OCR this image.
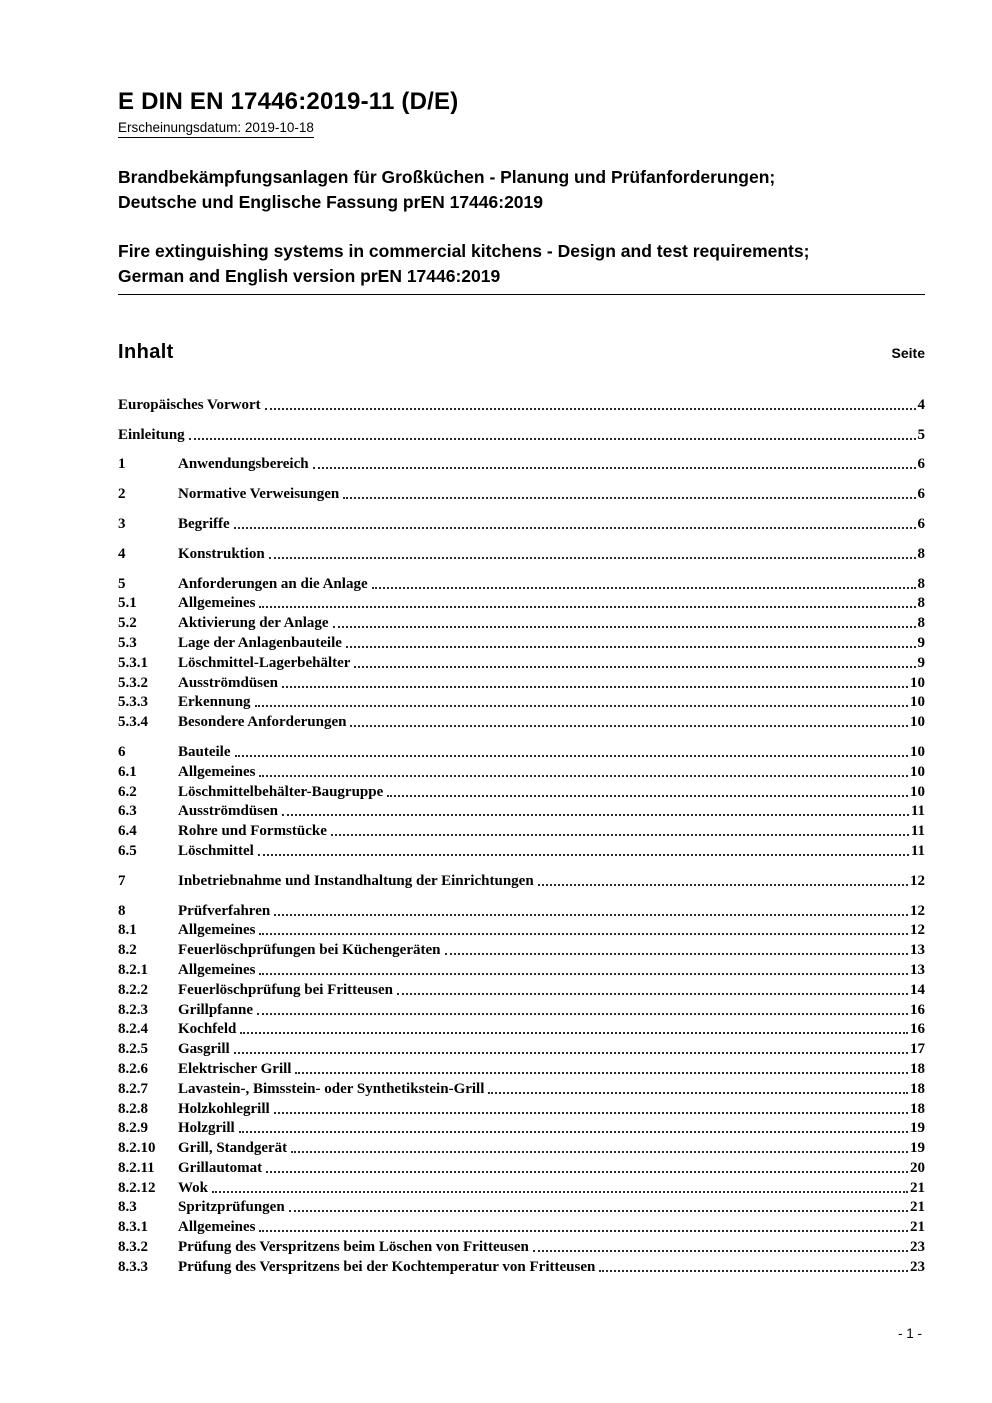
E DIN EN 17446:2019-11 (D/E)
Erscheinungsdatum: 2019-10-18
Brandbekämpfungsanlagen für Großküchen - Planung und Prüfanforderungen;
Deutsche und Englische Fassung prEN 17446:2019
Fire extinguishing systems in commercial kitchens - Design and test requirements;
German and English version prEN 17446:2019
Inhalt	Seite
Europäisches Vorwort	4
Einleitung	5
1	Anwendungsbereich	6
2	Normative Verweisungen	6
3	Begriffe	6
4	Konstruktion	8
5	Anforderungen an die Anlage	8
5.1	Allgemeines	8
5.2	Aktivierung der Anlage	8
5.3	Lage der Anlagenbauteile	9
5.3.1	Löschmittel-Lagerbehälter	9
5.3.2	Ausströmdüsen	10
5.3.3	Erkennung	10
5.3.4	Besondere Anforderungen	10
6	Bauteile	10
6.1	Allgemeines	10
6.2	Löschmittelbehälter-Baugruppe	10
6.3	Ausströmdüsen	11
6.4	Rohre und Formstücke	11
6.5	Löschmittel	11
7	Inbetriebnahme und Instandhaltung der Einrichtungen	12
8	Prüfverfahren	12
8.1	Allgemeines	12
8.2	Feuerlöschprüfungen bei Küchengeräten	13
8.2.1	Allgemeines	13
8.2.2	Feuerlöschprüfung bei Fritteusen	14
8.2.3	Grillpfanne	16
8.2.4	Kochfeld	16
8.2.5	Gasgrill	17
8.2.6	Elektrischer Grill	18
8.2.7	Lavastein-, Bimsstein- oder Synthetikstein-Grill	18
8.2.8	Holzkohlegrill	18
8.2.9	Holzgrill	19
8.2.10	Grill, Standgerät	19
8.2.11	Grillautomat	20
8.2.12	Wok	21
8.3	Spritzprüfungen	21
8.3.1	Allgemeines	21
8.3.2	Prüfung des Verspritzens beim Löschen von Fritteusen	23
8.3.3	Prüfung des Verspritzens bei der Kochtemperatur von Fritteusen	23
- 1 -
